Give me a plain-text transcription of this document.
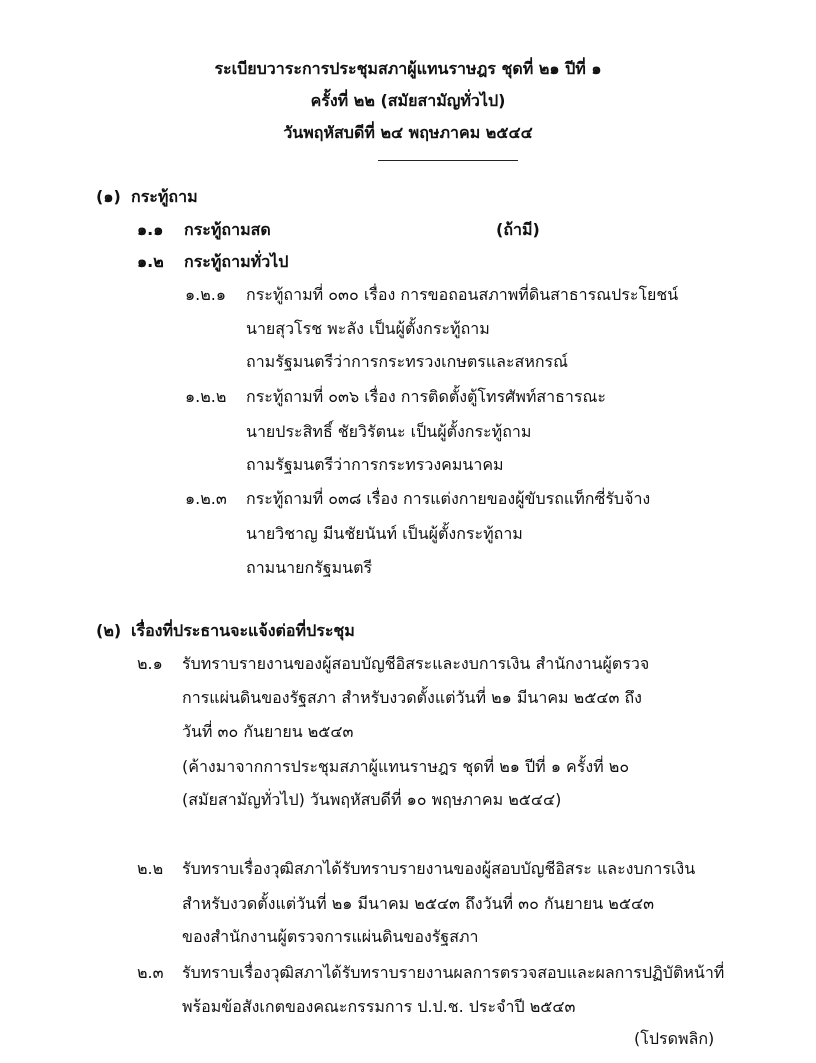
ระเบียบวาระการประชุมสภาผู้แทนราษฎร ชุดที่ ๒๑ ปีที่ ๑
ครั้งที่ ๒๒ (สมัยสามัญทั่วไป)
วันพฤหัสบดีที่ ๒๔ พฤษภาคม ๒๕๔๔
(๑) กระทู้ถาม
๑.๑ กระทู้ถามสด	(ถ้ามี)
๑.๒ กระทู้ถามทั่วไป
๑.๒.๑ กระทู้ถามที่ ๐๓๐ เรื่อง การขอถอนสภาพที่ดินสาธารณประโยชน์
นายสุวโรช พะลัง เป็นผู้ตั้งกระทู้ถาม
ถามรัฐมนตรีว่าการกระทรวงเกษตรและสหกรณ์
๑.๒.๒ กระทู้ถามที่ ๐๓๖ เรื่อง การติดตั้งตู้โทรศัพท์สาธารณะ
นายประสิทธิ์ ชัยวิรัตนะ เป็นผู้ตั้งกระทู้ถาม
ถามรัฐมนตรีว่าการกระทรวงคมนาคม
๑.๒.๓ กระทู้ถามที่ ๐๓๘ เรื่อง การแต่งกายของผู้ขับรถแท็กซี่รับจ้าง
นายวิชาญ มีนชัยนันท์ เป็นผู้ตั้งกระทู้ถาม
ถามนายกรัฐมนตรี
(๒) เรื่องที่ประธานจะแจ้งต่อที่ประชุม
๒.๑ รับทราบรายงานของผู้สอบบัญชีอิสระและงบการเงิน สำนักงานผู้ตรวจ
การแผ่นดินของรัฐสภา สำหรับงวดตั้งแต่วันที่ ๒๑ มีนาคม ๒๕๔๓ ถึง
วันที่ ๓๐ กันยายน ๒๕๔๓
(ค้างมาจากการประชุมสภาผู้แทนราษฎร ชุดที่ ๒๑ ปีที่ ๑ ครั้งที่ ๒๐
(สมัยสามัญทั่วไป) วันพฤหัสบดีที่ ๑๐ พฤษภาคม ๒๕๔๔)
๒.๒ รับทราบเรื่องวุฒิสภาได้รับทราบรายงานของผู้สอบบัญชีอิสระ และงบการเงิน
สำหรับงวดตั้งแต่วันที่ ๒๑ มีนาคม ๒๕๔๓ ถึงวันที่ ๓๐ กันยายน ๒๕๔๓
ของสำนักงานผู้ตรวจการแผ่นดินของรัฐสภา
๒.๓ รับทราบเรื่องวุฒิสภาได้รับทราบรายงานผลการตรวจสอบและผลการปฏิบัติหน้าที่
พร้อมข้อสังเกตของคณะกรรมการ ป.ป.ช. ประจำปี ๒๕๔๓
(โปรดพลิก)
